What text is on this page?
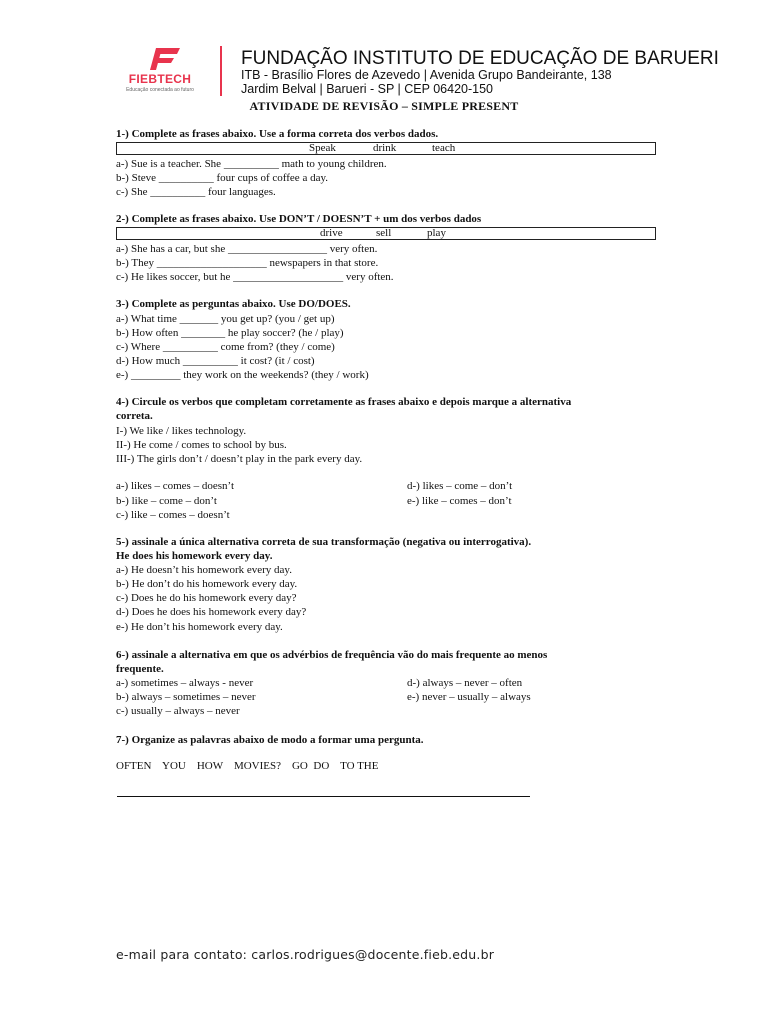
FIEBTECH
Educação conectada ao futuro
FUNDAÇÃO INSTITUTO DE EDUCAÇÃO DE BARUERI
ITB - Brasílio Flores de Azevedo | Avenida Grupo Bandeirante, 138
Jardim Belval | Barueri - SP | CEP 06420-150
ATIVIDADE DE REVISÃO – SIMPLE PRESENT
1-) Complete as frases abaixo. Use a forma correta dos verbos dados.
Speak	drink	teach
a-) Sue is a teacher. She __________ math to young children.
b-) Steve __________ four cups of coffee a day.
c-) She __________ four languages.
2-) Complete as frases abaixo. Use DON’T / DOESN’T + um dos verbos dados
drive	sell	play
a-) She has a car, but she __________________ very often.
b-) They ____________________ newspapers in that store.
c-) He likes soccer, but he ____________________ very often.
3-) Complete as perguntas abaixo. Use DO/DOES.
a-) What time _______ you get up? (you / get up)
b-) How often ________ he play soccer? (he / play)
c-) Where __________ come from? (they / come)
d-) How much __________ it cost? (it / cost)
e-) _________ they work on the weekends? (they / work)
4-) Circule os verbos que completam corretamente as frases abaixo e depois marque a alternativa
correta.
I-) We like / likes technology.
II-) He come / comes to school by bus.
III-) The girls don’t / doesn’t play in the park every day.
a-) likes – comes – doesn’t
b-) like – come – don’t
c-) like – comes – doesn’t
d-) likes – come – don’t
e-) like – comes – don’t
5-) assinale a única alternativa correta de sua transformação (negativa ou interrogativa).
He does his homework every day.
a-) He doesn’t his homework every day.
b-) He don’t do his homework every day.
c-) Does he do his homework every day?
d-) Does he does his homework every day?
e-) He don’t his homework every day.
6-) assinale a alternativa em que os advérbios de frequência vão do mais frequente ao menos
frequente.
a-) sometimes – always - never
b-) always – sometimes – never
c-) usually – always – never
d-) always – never – often
e-) never – usually – always
7-) Organize as palavras abaixo de modo a formar uma pergunta.
OFTEN    YOU    HOW    MOVIES?    GO  DO    TO THE
e-mail para contato: carlos.rodrigues@docente.fieb.edu.br
